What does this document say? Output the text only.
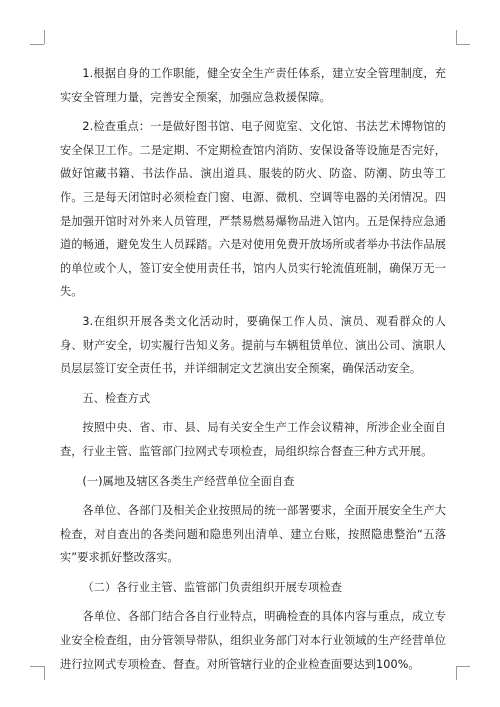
1.根据自身的工作职能，健全安全生产责任体系，建立安全管理制度，充实安全管理力量，完善安全预案，加强应急救援保障。

2.检查重点：一是做好图书馆、电子阅览室、文化馆、书法艺术博物馆的安全保卫工作。二是定期、不定期检查馆内消防、安保设备等设施是否完好，做好馆藏书籍、书法作品、演出道具、服装的防火、防盗、防潮、防虫等工作。三是每天闭馆时必须检查门窗、电源、微机、空调等电器的关闭情况。四是加强开馆时对外来人员管理，严禁易燃易爆物品进入馆内。五是保持应急通道的畅通，避免发生人员踩踏。六是对使用免费开放场所或者举办书法作品展的单位或个人，签订安全使用责任书，馆内人员实行轮流值班制，确保万无一失。

3.在组织开展各类文化活动时，要确保工作人员、演员、观看群众的人身、财产安全，切实履行告知义务。提前与车辆租赁单位、演出公司、演职人员层层签订安全责任书，并详细制定文艺演出安全预案，确保活动安全。

五、检查方式

按照中央、省、市、县、局有关安全生产工作会议精神，所涉企业全面自查，行业主管、监管部门拉网式专项检查，局组织综合督查三种方式开展。

(一)属地及辖区各类生产经营单位全面自查

各单位、各部门及相关企业按照局的统一部署要求，全面开展安全生产大检查，对自查出的各类问题和隐患列出清单、建立台账，按照隐患整治“五落实”要求抓好整改落实。

（二）各行业主管、监管部门负责组织开展专项检查

各单位、各部门结合各自行业特点，明确检查的具体内容与重点，成立专业安全检查组，由分管领导带队，组织业务部门对本行业领域的生产经营单位进行拉网式专项检查、督查。对所管辖行业的企业检查面要达到100%。
